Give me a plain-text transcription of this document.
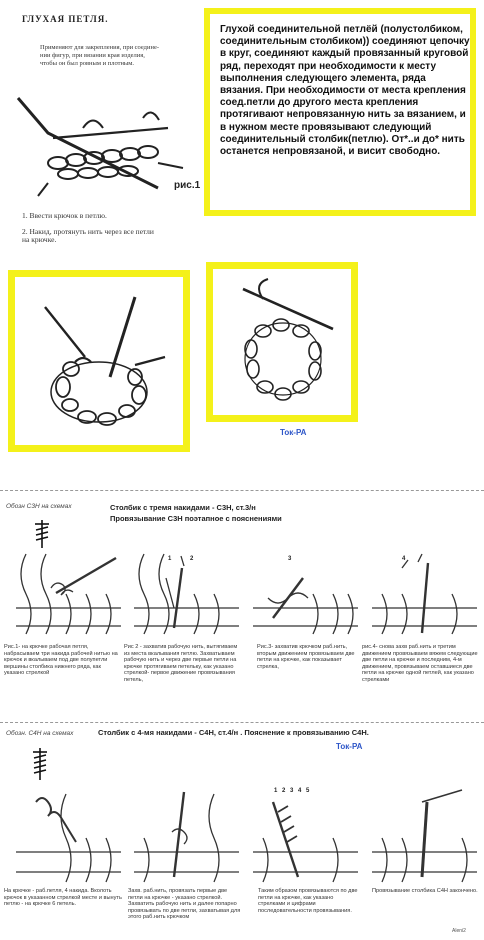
ГЛУХАЯ ПЕТЛЯ.
Применяют для закрепления, при соедине-
нии фигур, при вязании края изделия,
чтобы он был ровным и плотным.
рис.1
1. Ввести крючок в петлю.
2. Накид, протянуть нить через все петли
на крючке.
Глухой соединительной петлёй (полустолбиком, соединительным столбиком)) соединяют цепочку в круг, соединяют каждый провязанный круговой ряд, переходят при необходимости к месту выполнения следующего элемента, ряда вязания. При необходимости от места крепления соед.петли до другого места крепления протягивают непровязанную нить за вязанием, и в нужном месте провязывают следующий соединительный столбик(петлю). От*..и до* нить останется непровязаной, и висит свободно.
Ток-РА
Обозн С3Н на схемах	Столбик с тремя накидами - С3Н, ст.3/н
Провязывание С3Н поэтапное с пояснениями
1	2	3	4
Рис.1- на крючке рабочая петля, набрасываем три накида рабочей нитью на крючок и вкалываем под две полупетли вершины столбика нижнего ряда, как указано стрелкой
Рис 2 - захватив рабочую нить, вытягиваем из места вкалывания петлю. Захватываем рабочую нить и через две первые петли на крючке протягиваем петельку, как указано стрелкой- первое движение провязывания петель,
Рис.3- захватив крючком раб.нить, вторым движением провязываем две петли на крючке, как показывает стрелка,
рис.4- снова захв раб.нить и третим движением провязываем вяжем следующие две петли на крючке и последним, 4-м движением, провязываем оставшиеся две петли на крючке одной петлей, как указано стрелками
Обозн. С4Н на схемах	Столбик с 4-мя накидами - С4Н, ст.4/н . Пояснение к провязыванию С4Н.
Ток-РА
1 2 3 4 5
На крючке - раб.петля, 4 накида. Вколоть крючок в указанном стрелкой месте и вынуть петлю - на крючке 6 петель.
Захв. раб.нить, провязать первые две петли на крючке - указано стрелкой. Захватить рабочую нить и далее попарно провязывать по две петли, захватывая для этого раб.нить крючком
Таким образом провязываются по две петли на крючке, как указано стрелками и цифрами последовательности провязывания.
Провязывание столбика С4Н закончено.
Aleni2
